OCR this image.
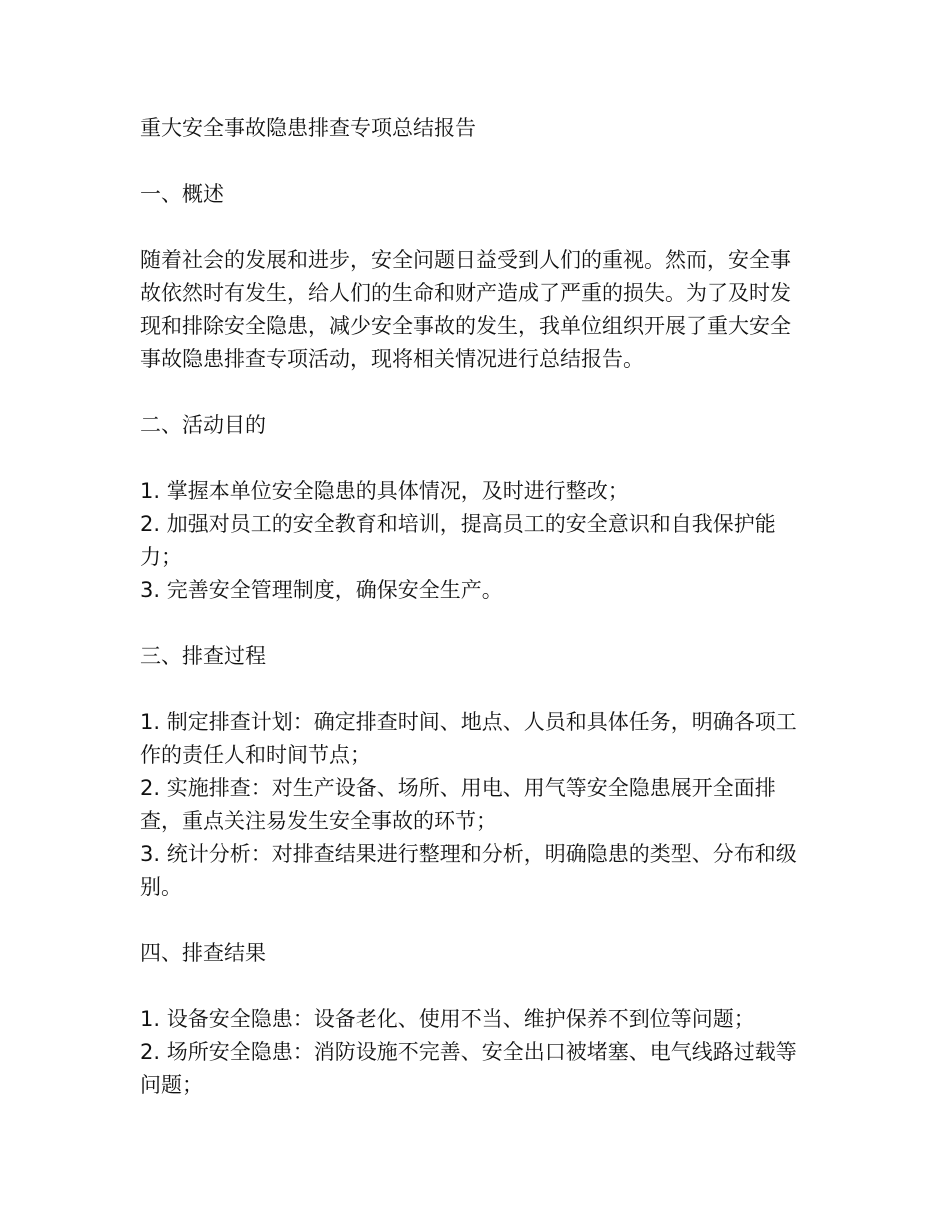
重大安全事故隐患排查专项总结报告
一、概述

随着社会的发展和进步，安全问题日益受到人们的重视。然而，安全事故依然时有发生，给人们的生命和财产造成了严重的损失。为了及时发现和排除安全隐患，减少安全事故的发生，我单位组织开展了重大安全事故隐患排查专项活动，现将相关情况进行总结报告。

二、活动目的
1. 掌握本单位安全隐患的具体情况，及时进行整改；
2. 加强对员工的安全教育和培训，提高员工的安全意识和自我保护能力；
3. 完善安全管理制度，确保安全生产。
三、排查过程
1. 制定排查计划：确定排查时间、地点、人员和具体任务，明确各项工作的责任人和时间节点；
2. 实施排查：对生产设备、场所、用电、用气等安全隐患展开全面排查，重点关注易发生安全事故的环节；
3. 统计分析：对排查结果进行整理和分析，明确隐患的类型、分布和级别。
四、排查结果
1. 设备安全隐患：设备老化、使用不当、维护保养不到位等问题；
2. 场所安全隐患：消防设施不完善、安全出口被堵塞、电气线路过载等问题；
